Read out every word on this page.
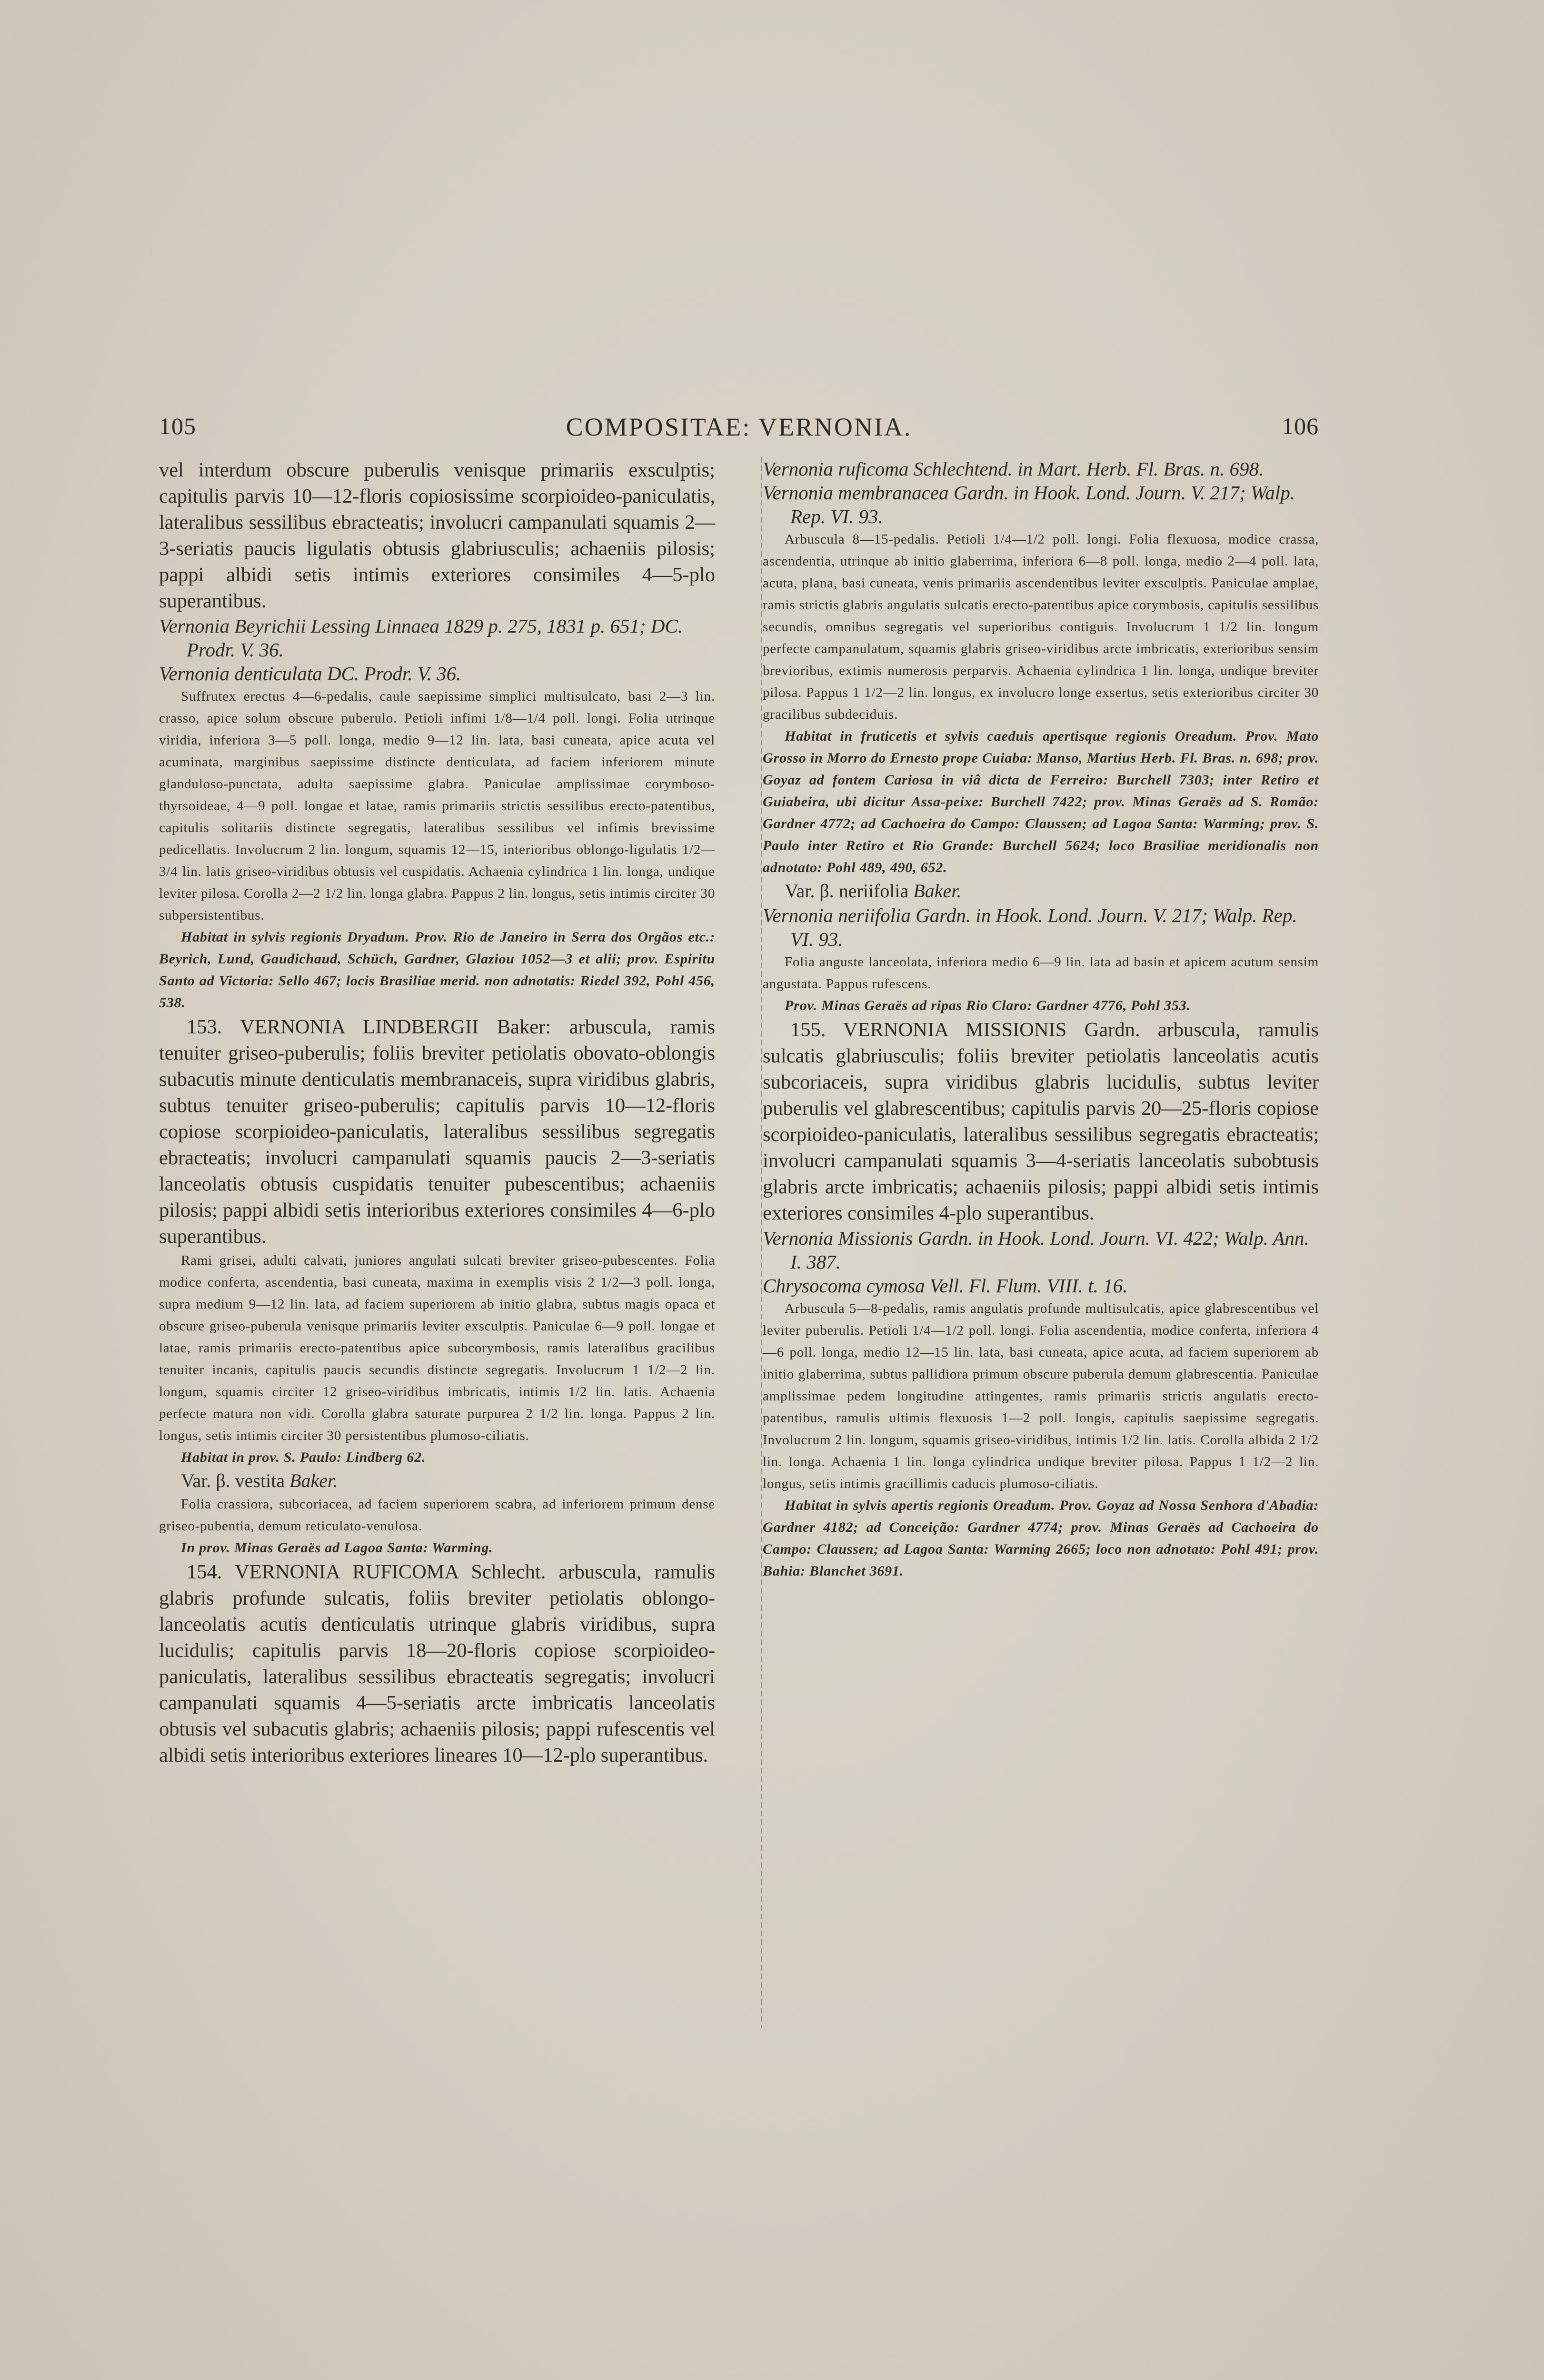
105	COMPOSITAE: VERNONIA.	106

vel interdum obscure puberulis venisque primariis exsculptis; capitulis parvis 10—12-floris copiosissime scorpioideo-paniculatis, lateralibus sessilibus ebracteatis; involucri campanulati squamis 2—3-seriatis paucis ligulatis obtusis glabriusculis; achaeniis pilosis; pappi albidi setis intimis exteriores consimiles 4—5-plo superantibus.

Vernonia Beyrichii Lessing Linnaea 1829 p. 275, 1831 p. 651; DC. Prodr. V. 36.
Vernonia denticulata DC. Prodr. V. 36.

Suffrutex erectus 4—6-pedalis, caule saepissime simplici multisulcato, basi 2—3 lin. crasso, apice solum obscure puberulo. Petioli infimi 1/8—1/4 poll. longi. Folia utrinque viridia, inferiora 3—5 poll. longa, medio 9—12 lin. lata, basi cuneata, apice acuta vel acuminata, marginibus saepissime distincte denticulata, ad faciem inferiorem minute glanduloso-punctata, adulta saepissime glabra. Paniculae amplissimae corymboso-thyrsoideae, 4—9 poll. longae et latae, ramis primariis strictis sessilibus erecto-patentibus, capitulis solitariis distincte segregatis, lateralibus sessilibus vel infimis brevissime pedicellatis. Involucrum 2 lin. longum, squamis 12—15, interioribus oblongo-ligulatis 1/2—3/4 lin. latis griseo-viridibus obtusis vel cuspidatis. Achaenia cylindrica 1 lin. longa, undique leviter pilosa. Corolla 2—2 1/2 lin. longa glabra. Pappus 2 lin. longus, setis intimis circiter 30 subpersistentibus.

Habitat in sylvis regionis Dryadum. Prov. Rio de Janeiro in Serra dos Orgãos etc.: Beyrich, Lund, Gaudichaud, Schüch, Gardner, Glaziou 1052—3 et alii; prov. Espiritu Santo ad Victoria: Sello 467; locis Brasiliae merid. non adnotatis: Riedel 392, Pohl 456, 538.

153. VERNONIA LINDBERGII Baker: arbuscula, ramis tenuiter griseo-puberulis; foliis breviter petiolatis obovato-oblongis subacutis minute denticulatis membranaceis, supra viridibus glabris, subtus tenuiter griseo-puberulis; capitulis parvis 10—12-floris copiose scorpioideo-paniculatis, lateralibus sessilibus segregatis ebracteatis; involucri campanulati squamis paucis 2—3-seriatis lanceolatis obtusis cuspidatis tenuiter pubescentibus; achaeniis pilosis; pappi albidi setis interioribus exteriores consimiles 4—6-plo superantibus.

Rami grisei, adulti calvati, juniores angulati sulcati breviter griseo-pubescentes. Folia modice conferta, ascendentia, basi cuneata, maxima in exemplis visis 2 1/2—3 poll. longa, supra medium 9—12 lin. lata, ad faciem superiorem ab initio glabra, subtus magis opaca et obscure griseo-puberula venisque primariis leviter exsculptis. Paniculae 6—9 poll. longae et latae, ramis primariis erecto-patentibus apice subcorymbosis, ramis lateralibus gracilibus tenuiter incanis, capitulis paucis secundis distincte segregatis. Involucrum 1 1/2—2 lin. longum, squamis circiter 12 griseo-viridibus imbricatis, intimis 1/2 lin. latis. Achaenia perfecte matura non vidi. Corolla glabra saturate purpurea 2 1/2 lin. longa. Pappus 2 lin. longus, setis intimis circiter 30 persistentibus plumoso-ciliatis.

Habitat in prov. S. Paulo: Lindberg 62.

Var. β. vestita Baker.

Folia crassiora, subcoriacea, ad faciem superiorem scabra, ad inferiorem primum dense griseo-pubentia, demum reticulato-venulosa.

In prov. Minas Geraës ad Lagoa Santa: Warming.

154. VERNONIA RUFICOMA Schlecht. arbuscula, ramulis glabris profunde sulcatis, foliis breviter petiolatis oblongo-lanceolatis acutis denticulatis utrinque glabris viridibus, supra lucidulis; capitulis parvis 18—20-floris copiose scorpioideo-paniculatis, lateralibus sessilibus ebracteatis segregatis; involucri campanulati squamis 4—5-seriatis arcte imbricatis lanceolatis obtusis vel subacutis glabris; achaeniis pilosis; pappi rufescentis vel albidi setis interioribus exteriores lineares 10—12-plo superantibus.

Vernonia ruficoma Schlechtend. in Mart. Herb. Fl. Bras. n. 698.
Vernonia membranacea Gardn. in Hook. Lond. Journ. V. 217; Walp. Rep. VI. 93.

Arbuscula 8—15-pedalis. Petioli 1/4—1/2 poll. longi. Folia flexuosa, modice crassa, ascendentia, utrinque ab initio glaberrima, inferiora 6—8 poll. longa, medio 2—4 poll. lata, acuta, plana, basi cuneata, venis primariis ascendentibus leviter exsculptis. Paniculae amplae, ramis strictis glabris angulatis sulcatis erecto-patentibus apice corymbosis, capitulis sessilibus secundis, omnibus segregatis vel superioribus contiguis. Involucrum 1 1/2 lin. longum perfecte campanulatum, squamis glabris griseo-viridibus arcte imbricatis, exterioribus sensim brevioribus, extimis numerosis perparvis. Achaenia cylindrica 1 lin. longa, undique breviter pilosa. Pappus 1 1/2—2 lin. longus, ex involucro longe exsertus, setis exterioribus circiter 30 gracilibus subdeciduis.

Habitat in fruticetis et sylvis caeduis apertisque regionis Oreadum. Prov. Mato Grosso in Morro do Ernesto prope Cuiaba: Manso, Martius Herb. Fl. Bras. n. 698; prov. Goyaz ad fontem Cariosa in viâ dicta de Ferreiro: Burchell 7303; inter Retiro et Guiabeira, ubi dicitur Assa-peixe: Burchell 7422; prov. Minas Geraës ad S. Romão: Gardner 4772; ad Cachoeira do Campo: Claussen; ad Lagoa Santa: Warming; prov. S. Paulo inter Retiro et Rio Grande: Burchell 5624; loco Brasiliae meridionalis non adnotato: Pohl 489, 490, 652.

Var. β. neriifolia Baker.

Vernonia neriifolia Gardn. in Hook. Lond. Journ. V. 217; Walp. Rep. VI. 93.

Folia anguste lanceolata, inferiora medio 6—9 lin. lata ad basin et apicem acutum sensim angustata. Pappus rufescens.

Prov. Minas Geraës ad ripas Rio Claro: Gardner 4776, Pohl 353.

155. VERNONIA MISSIONIS Gardn. arbuscula, ramulis sulcatis glabriusculis; foliis breviter petiolatis lanceolatis acutis subcoriaceis, supra viridibus glabris lucidulis, subtus leviter puberulis vel glabrescentibus; capitulis parvis 20—25-floris copiose scorpioideo-paniculatis, lateralibus sessilibus segregatis ebracteatis; involucri campanulati squamis 3—4-seriatis lanceolatis subobtusis glabris arcte imbricatis; achaeniis pilosis; pappi albidi setis intimis exteriores consimiles 4-plo superantibus.

Vernonia Missionis Gardn. in Hook. Lond. Journ. VI. 422; Walp. Ann. I. 387.
Chrysocoma cymosa Vell. Fl. Flum. VIII. t. 16.

Arbuscula 5—8-pedalis, ramis angulatis profunde multisulcatis, apice glabrescentibus vel leviter puberulis. Petioli 1/4—1/2 poll. longi. Folia ascendentia, modice conferta, inferiora 4—6 poll. longa, medio 12—15 lin. lata, basi cuneata, apice acuta, ad faciem superiorem ab initio glaberrima, subtus pallidiora primum obscure puberula demum glabrescentia. Paniculae amplissimae pedem longitudine attingentes, ramis primariis strictis angulatis erecto-patentibus, ramulis ultimis flexuosis 1—2 poll. longis, capitulis saepissime segregatis. Involucrum 2 lin. longum, squamis griseo-viridibus, intimis 1/2 lin. latis. Corolla albida 2 1/2 lin. longa. Achaenia 1 lin. longa cylindrica undique breviter pilosa. Pappus 1 1/2—2 lin. longus, setis intimis gracillimis caducis plumoso-ciliatis.

Habitat in sylvis apertis regionis Oreadum. Prov. Goyaz ad Nossa Senhora d'Abadia: Gardner 4182; ad Conceição: Gardner 4774; prov. Minas Geraës ad Cachoeira do Campo: Claussen; ad Lagoa Santa: Warming 2665; loco non adnotato: Pohl 491; prov. Bahia: Blanchet 3691.
